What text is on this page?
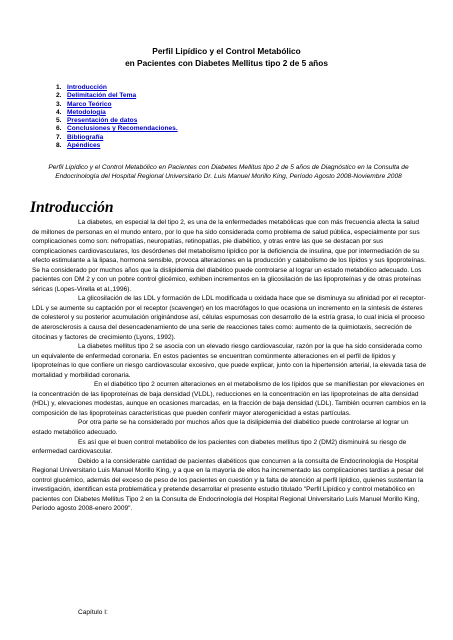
Perfil Lipídico y el Control Metabólico
en Pacientes con Diabetes Mellitus tipo 2 de 5 años
1. Introducción
2. Delimitación del Tema
3. Marco Teórico
4. Metodología
5. Presentación de datos
6. Conclusiones y Recomendaciones.
7. Bibliografía
8. Apéndices
Perfil Lipídico y el Control Metabólico en Pacientes con Diabetes Mellitus tipo 2 de 5 años de Diagnóstico en la Consulta de Endocrinología del Hospital Regional Universitario Dr. Luis Manuel Morillo King, Período Agosto 2008-Noviembre 2008
Introducción

La diabetes, en especial la del tipo 2, es una de la enfermedades metabólicas que con más frecuencia afecta la salud de millones de personas en el mundo entero, por lo que ha sido considerada como problema de salud pública, especialmente por sus complicaciones como son: nefropatías, neuropatías, retinopatías, pie diabético, y otras entre las que se destacan por sus complicaciones cardiovasculares, los desórdenes del metabolismo lipídico por la deficiencia de insulina, que por intermediación de su efecto estimulante a la lipasa, hormona sensible, provoca alteraciones en la producción y catabolismo de los lípidos y sus lipoproteínas. Se ha considerado por muchos años que la dislipidemia del diabético puede controlarse al lograr un estado metabólico adecuado. Los pacientes con DM 2 y con un pobre control glicémico, exhiben incrementos en la glicosilación de las lipoproteínas y de otras proteínas séricas (Lopes-Virella et al.,1996).

La glicosilación de las LDL y formación de LDL modificada u oxidada hace que se disminuya su afinidad por el receptor-LDL y se aumente su captación por el receptor (scavenger) en los macrófagos lo que ocasiona un incremento en la síntesis de ésteres de colesterol y su posterior acumulación originándose así, células espumosas con desarrollo de la estría grasa, lo cual inicia el proceso de aterosclerosis a causa del desencadenamiento de una serie de reacciones tales como: aumento de la quimiotaxis, secreción de citocinas y factores de crecimiento (Lyons, 1992).

La diabetes mellitus tipo 2 se asocia con un elevado riesgo cardiovascular, razón por la que ha sido considerada como un equivalente de enfermedad coronaria. En estos pacientes se encuentran comúnmente alteraciones en el perfil de lípidos y lipoproteínas lo que confiere un riesgo cardiovascular excesivo, que puede explicar, junto con la hipertensión arterial, la elevada tasa de mortalidad y morbilidad coronaria.

En el diabético tipo 2 ocurren alteraciones en el metabolismo de los lípidos que se manifiestan por elevaciones en la concentración de las lipoproteínas de baja densidad (VLDL), reducciones en la concentración en las lipoproteínas de alta densidad (HDL) y, elevaciones modestas, aunque en ocasiones marcadas, en la fracción de baja densidad (LDL). También ocurren cambios en la composición de las lipoproteínas características que pueden conferir mayor aterogenicidad a estas partículas.

Por otra parte se ha considerado por muchos años que la dislipidemia del diabético puede controlarse al lograr un estado metabólico adecuado.

Es así que el buen control metabólico de los pacientes con diabetes mellitus tipo 2 (DM2) disminuirá su riesgo de enfermedad cardiovascular.

Debido a la considerable cantidad de pacientes diabéticos que concurren a la consulta de Endocrinología de Hospital Regional Universitario Luis Manuel Morillo King, y a que en la mayoría de ellos ha incrementado las complicaciones tardías a pesar del control glucémico, además del exceso de peso de los pacientes en cuestión y la falta de atención al perfil lipídico, quienes sustentan la investigación, identifican esta problemática y pretende desarrollar el presente estudio titulado "Perfil Lipídico y control metabólico en pacientes con Diabetes Mellitus Tipo 2 en la Consulta de Endocrinología del Hospital Regional Universitario Luís Manuel Morillo King, Período agosto 2008-enero 2009".

Capítulo I:
